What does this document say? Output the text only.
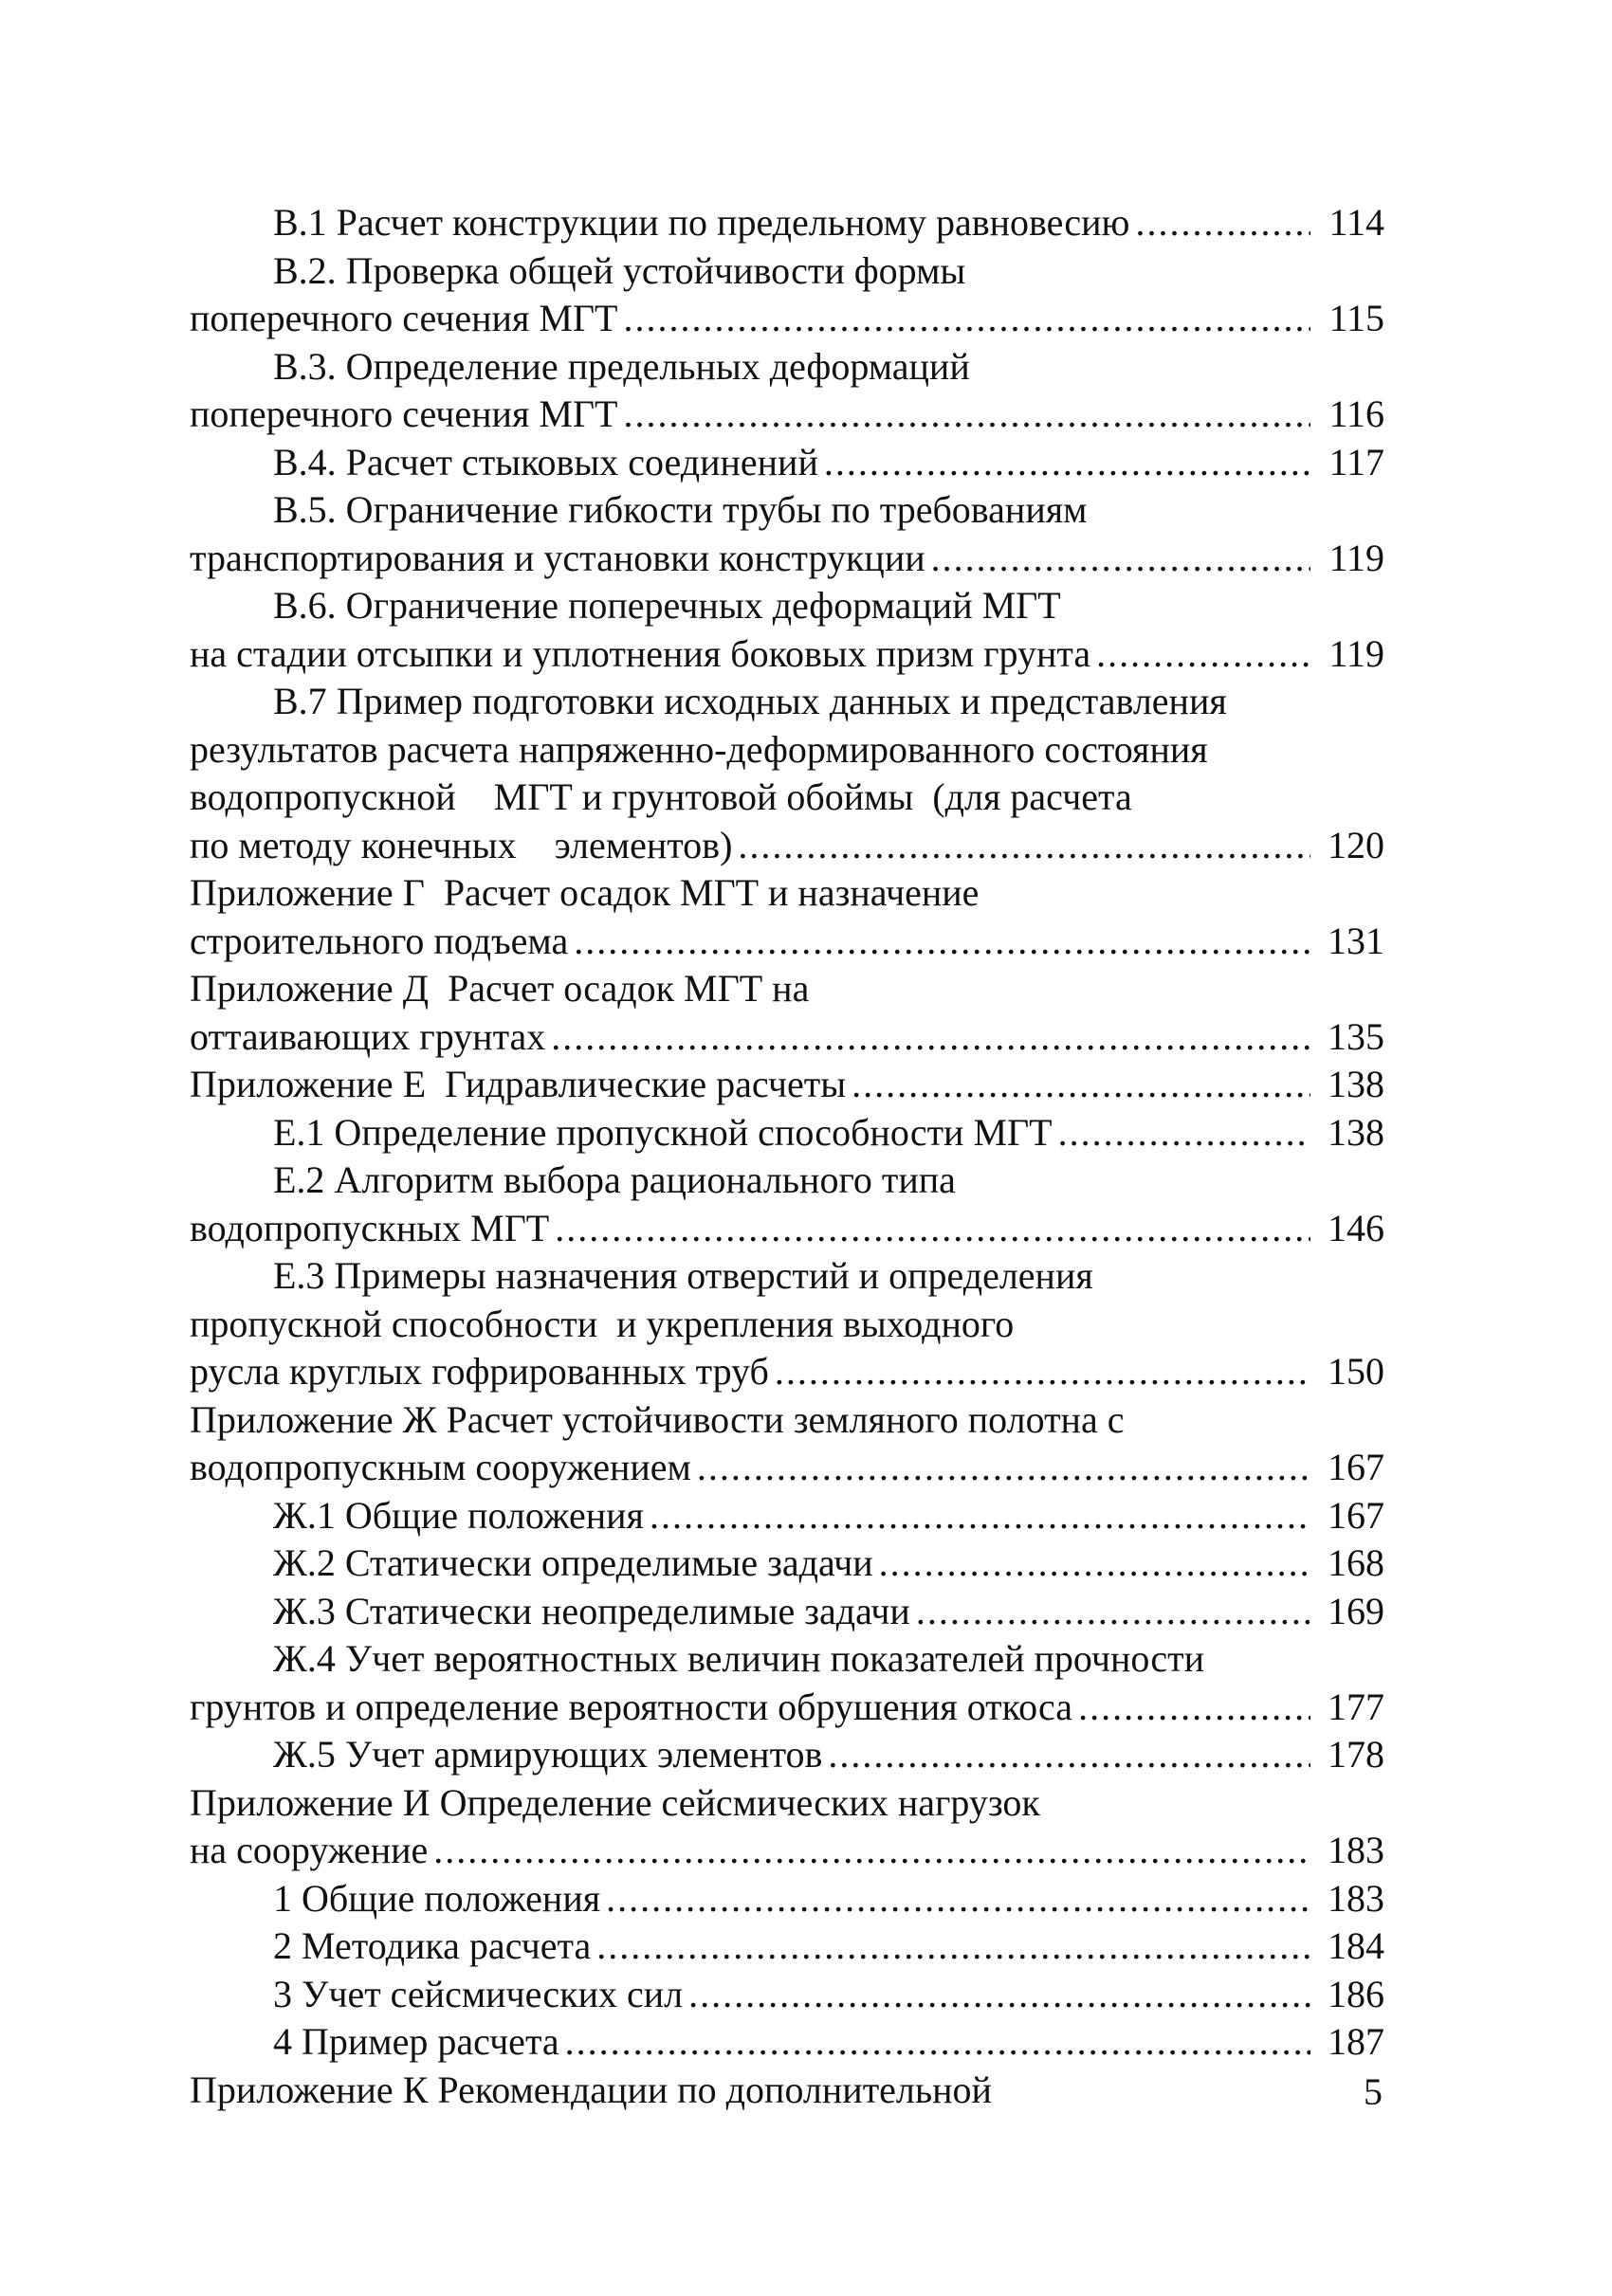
В.1 Расчет конструкции по предельному равновесию . . .	114
В.2. Проверка общей устойчивости формы
поперечного сечения МГТ . . .	115
В.3. Определение предельных деформаций
поперечного сечения МГТ . . .	116
В.4. Расчет стыковых соединений . . .	117
В.5. Ограничение гибкости трубы по требованиям
транспортирования и установки конструкции . . .	119
В.6. Ограничение поперечных деформаций МГТ
на стадии отсыпки и уплотнения боковых призм грунта . . .	119
В.7 Пример подготовки исходных данных и представления
результатов расчета напряженно-деформированного состояния
водопропускной    МГТ и грунтовой обоймы  (для расчета
по методу конечных    элементов) . . .	120
Приложение Г  Расчет осадок МГТ и назначение
строительного подъема . . .	131
Приложение Д  Расчет осадок МГТ на
оттаивающих грунтах . . .	135
Приложение Е  Гидравлические расчеты . . .	138
Е.1 Определение пропускной способности МГТ . . .	138
Е.2 Алгоритм выбора рационального типа
водопропускных МГТ . . .	146
Е.3 Примеры назначения отверстий и определения
пропускной способности  и укрепления выходного
русла круглых гофрированных труб . . .	150
Приложение Ж Расчет устойчивости земляного полотна с
водопропускным сооружением . . .	167
Ж.1 Общие положения . . .	167
Ж.2 Статически определимые задачи . . .	168
Ж.3 Статически неопределимые задачи . . .	169
Ж.4 Учет вероятностных величин показателей прочности
грунтов и определение вероятности обрушения откоса . . .	177
Ж.5 Учет армирующих элементов . . .	178
Приложение И Определение сейсмических нагрузок
на сооружение . . .	183
1 Общие положения . . .	183
2 Методика расчета . . .	184
3 Учет сейсмических сил . . .	186
4 Пример расчета . . .	187
Приложение К Рекомендации по дополнительной	5
